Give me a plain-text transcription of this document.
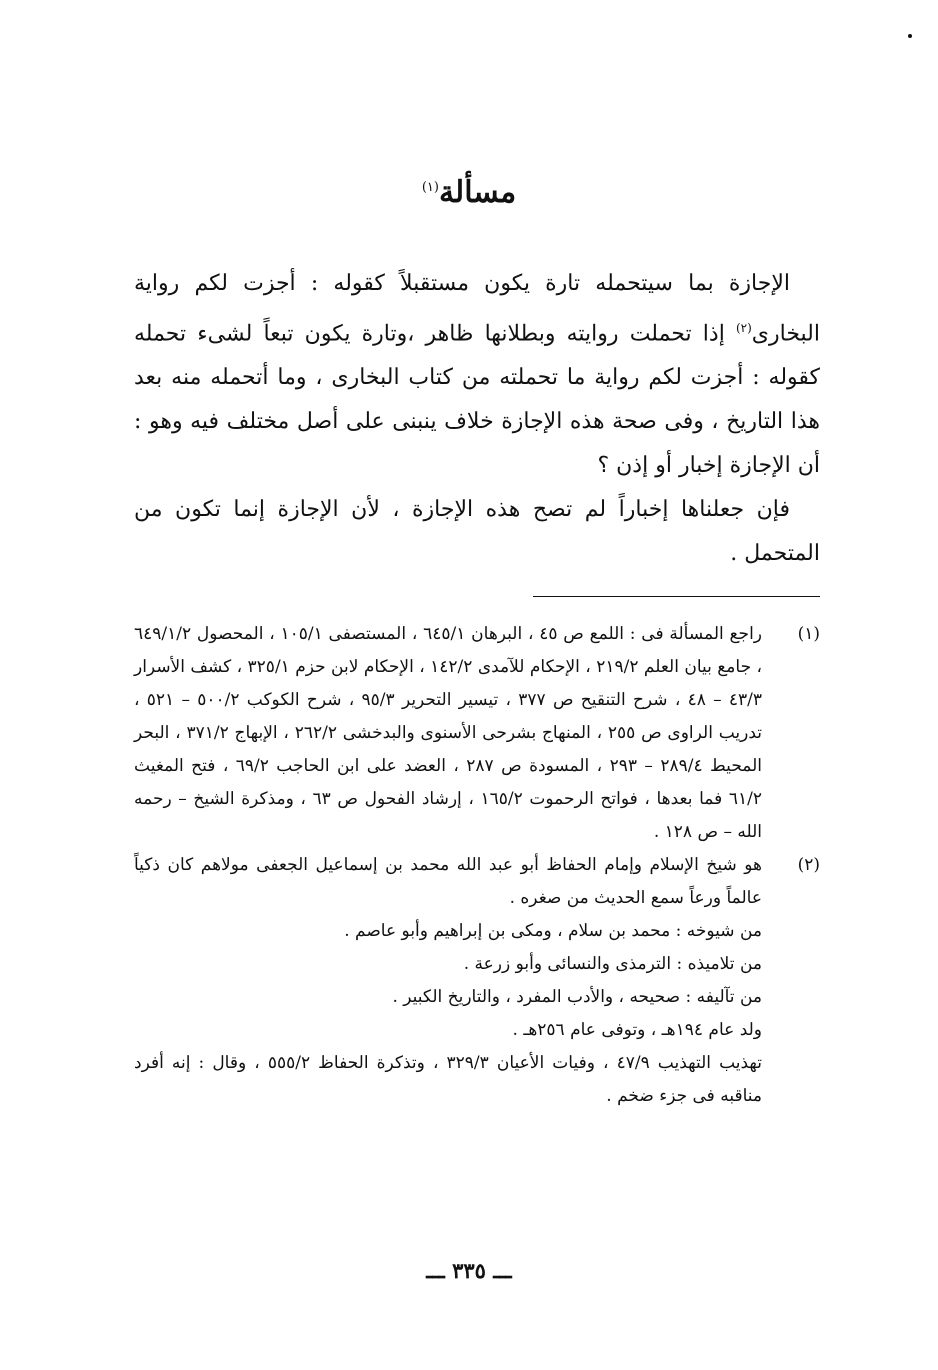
مسألة$^{(١)}$

الإجازة بما سيتحمله تارة يكون مستقبلاً كقوله : أجزت لكم رواية البخارى$^{(٢)}$ إذا تحملت روايته وبطلانها ظاهر ،وتارة يكون تبعاً لشىء تحمله كقوله : أجزت لكم رواية ما تحملته من كتاب البخارى ، وما أتحمله منه بعد هذا التاريخ ، وفى صحة هذه الإجازة خلاف ينبنى على أصل مختلف فيه وهو : أن الإجازة إخبار أو إذن ؟

فإن جعلناها إخباراً لم تصح هذه الإجازة ، لأن الإجازة إنما تكون من المتحمل .

(١)

راجع المسألة فى : اللمع ص ٤٥ ، البرهان ٦٤٥/١ ، المستصفى ١٠٥/١ ، المحصول ٦٤٩/١/٢ ، جامع بيان العلم ٢١٩/٢ ، الإحكام للآمدى ١٤٢/٢ ، الإحكام لابن حزم ٣٢٥/١ ، كشف الأسرار ٤٣/٣ – ٤٨ ، شرح التنقيح ص ٣٧٧ ، تيسير التحرير ٩٥/٣ ، شرح الكوكب ٥٠٠/٢ – ٥٢١ ، تدريب الراوى ص ٢٥٥ ، المنهاج بشرحى الأسنوى والبدخشى ٢٦٢/٢ ، الإبهاج ٣٧١/٢ ، البحر المحيط ٢٨٩/٤ – ٢٩٣ ، المسودة ص ٢٨٧ ، العضد على ابن الحاجب ٦٩/٢ ، فتح المغيث ٦١/٢ فما بعدها ، فواتح الرحموت ١٦٥/٢ ، إرشاد الفحول ص ٦٣ ، ومذكرة الشيخ – رحمه الله – ص ١٢٨ .

(٢)

هو شيخ الإسلام وإمام الحفاظ أبو عبد الله محمد بن إسماعيل الجعفى مولاهم كان ذكياً عالماً ورعاً سمع الحديث من صغره .

من شيوخه : محمد بن سلام ، ومكى بن إبراهيم وأبو عاصم .

من تلاميذه : الترمذى والنسائى وأبو زرعة .

من تآليفه : صحيحه ، والأدب المفرد ، والتاريخ الكبير .

ولد عام ١٩٤هـ ، وتوفى عام ٢٥٦هـ .

تهذيب التهذيب ٤٧/٩ ، وفيات الأعيان ٣٢٩/٣ ، وتذكرة الحفاظ ٥٥٥/٢ ، وقال : إنه أفرد مناقبه فى جزء ضخم .

ـــ ٣٣٥ ـــ
